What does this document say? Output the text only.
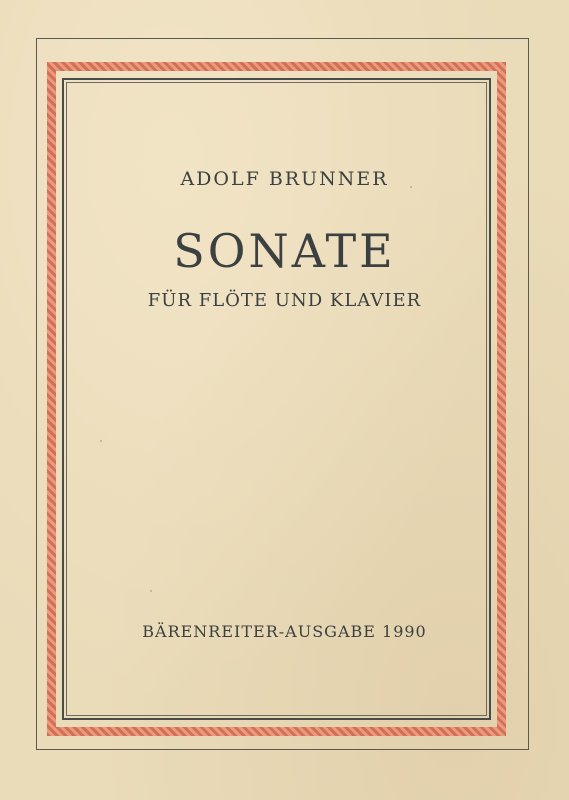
ADOLF BRUNNER
SONATE
FÜR FLÖTE UND KLAVIER
BÄRENREITER-AUSGABE 1990
